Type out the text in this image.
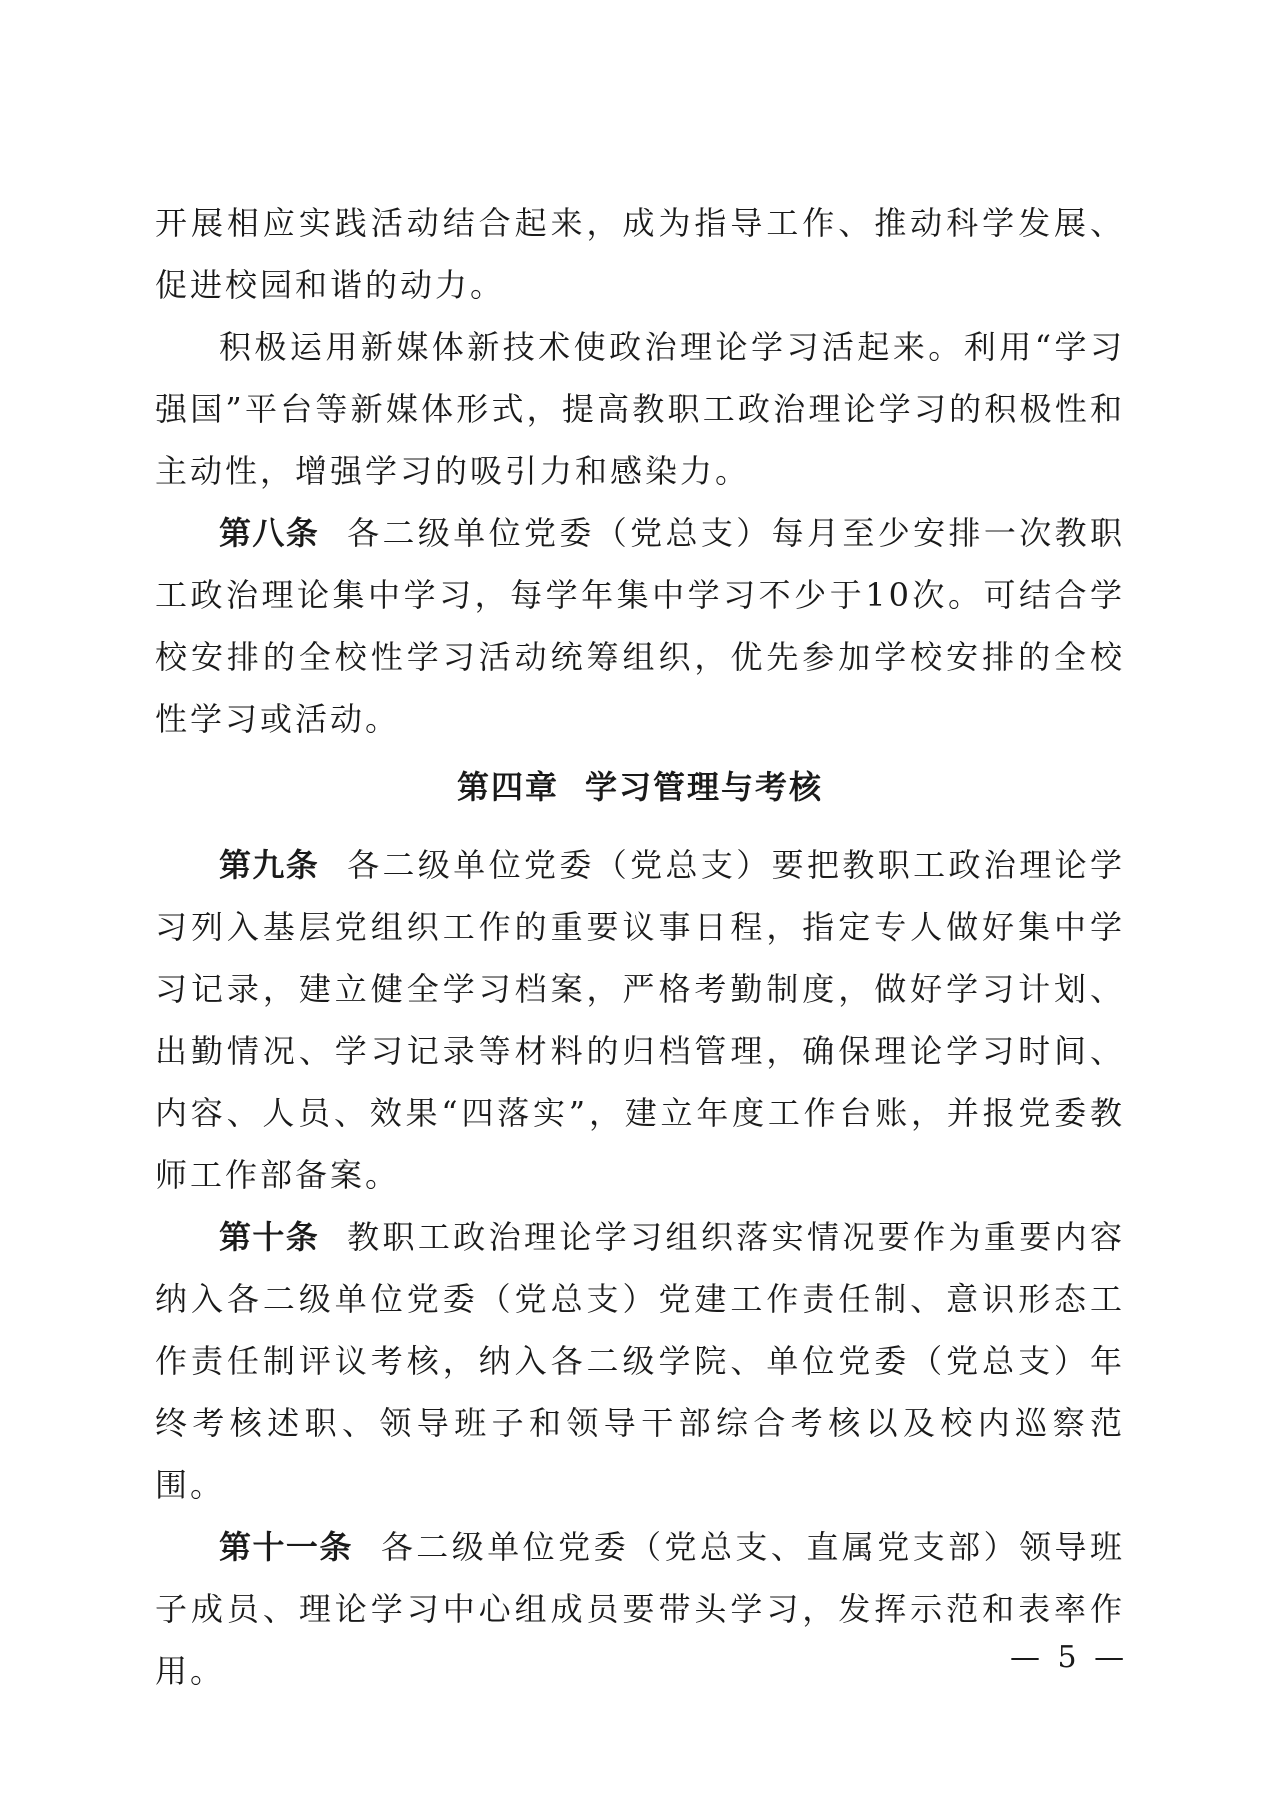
开展相应实践活动结合起来，成为指导工作、推动科学发展、促进校园和谐的动力。

积极运用新媒体新技术使政治理论学习活起来。利用“学习强国”平台等新媒体形式，提高教职工政治理论学习的积极性和主动性，增强学习的吸引力和感染力。

第八条 各二级单位党委（党总支）每月至少安排一次教职工政治理论集中学习，每学年集中学习不少于10次。可结合学校安排的全校性学习活动统筹组织，优先参加学校安排的全校性学习或活动。

第四章 学习管理与考核

第九条 各二级单位党委（党总支）要把教职工政治理论学习列入基层党组织工作的重要议事日程，指定专人做好集中学习记录，建立健全学习档案，严格考勤制度，做好学习计划、出勤情况、学习记录等材料的归档管理，确保理论学习时间、内容、人员、效果“四落实”，建立年度工作台账，并报党委教师工作部备案。

第十条 教职工政治理论学习组织落实情况要作为重要内容纳入各二级单位党委（党总支）党建工作责任制、意识形态工作责任制评议考核，纳入各二级学院、单位党委（党总支）年终考核述职、领导班子和领导干部综合考核以及校内巡察范围。

第十一条 各二级单位党委（党总支、直属党支部）领导班子成员、理论学习中心组成员要带头学习，发挥示范和表率作用。	— 5 —
